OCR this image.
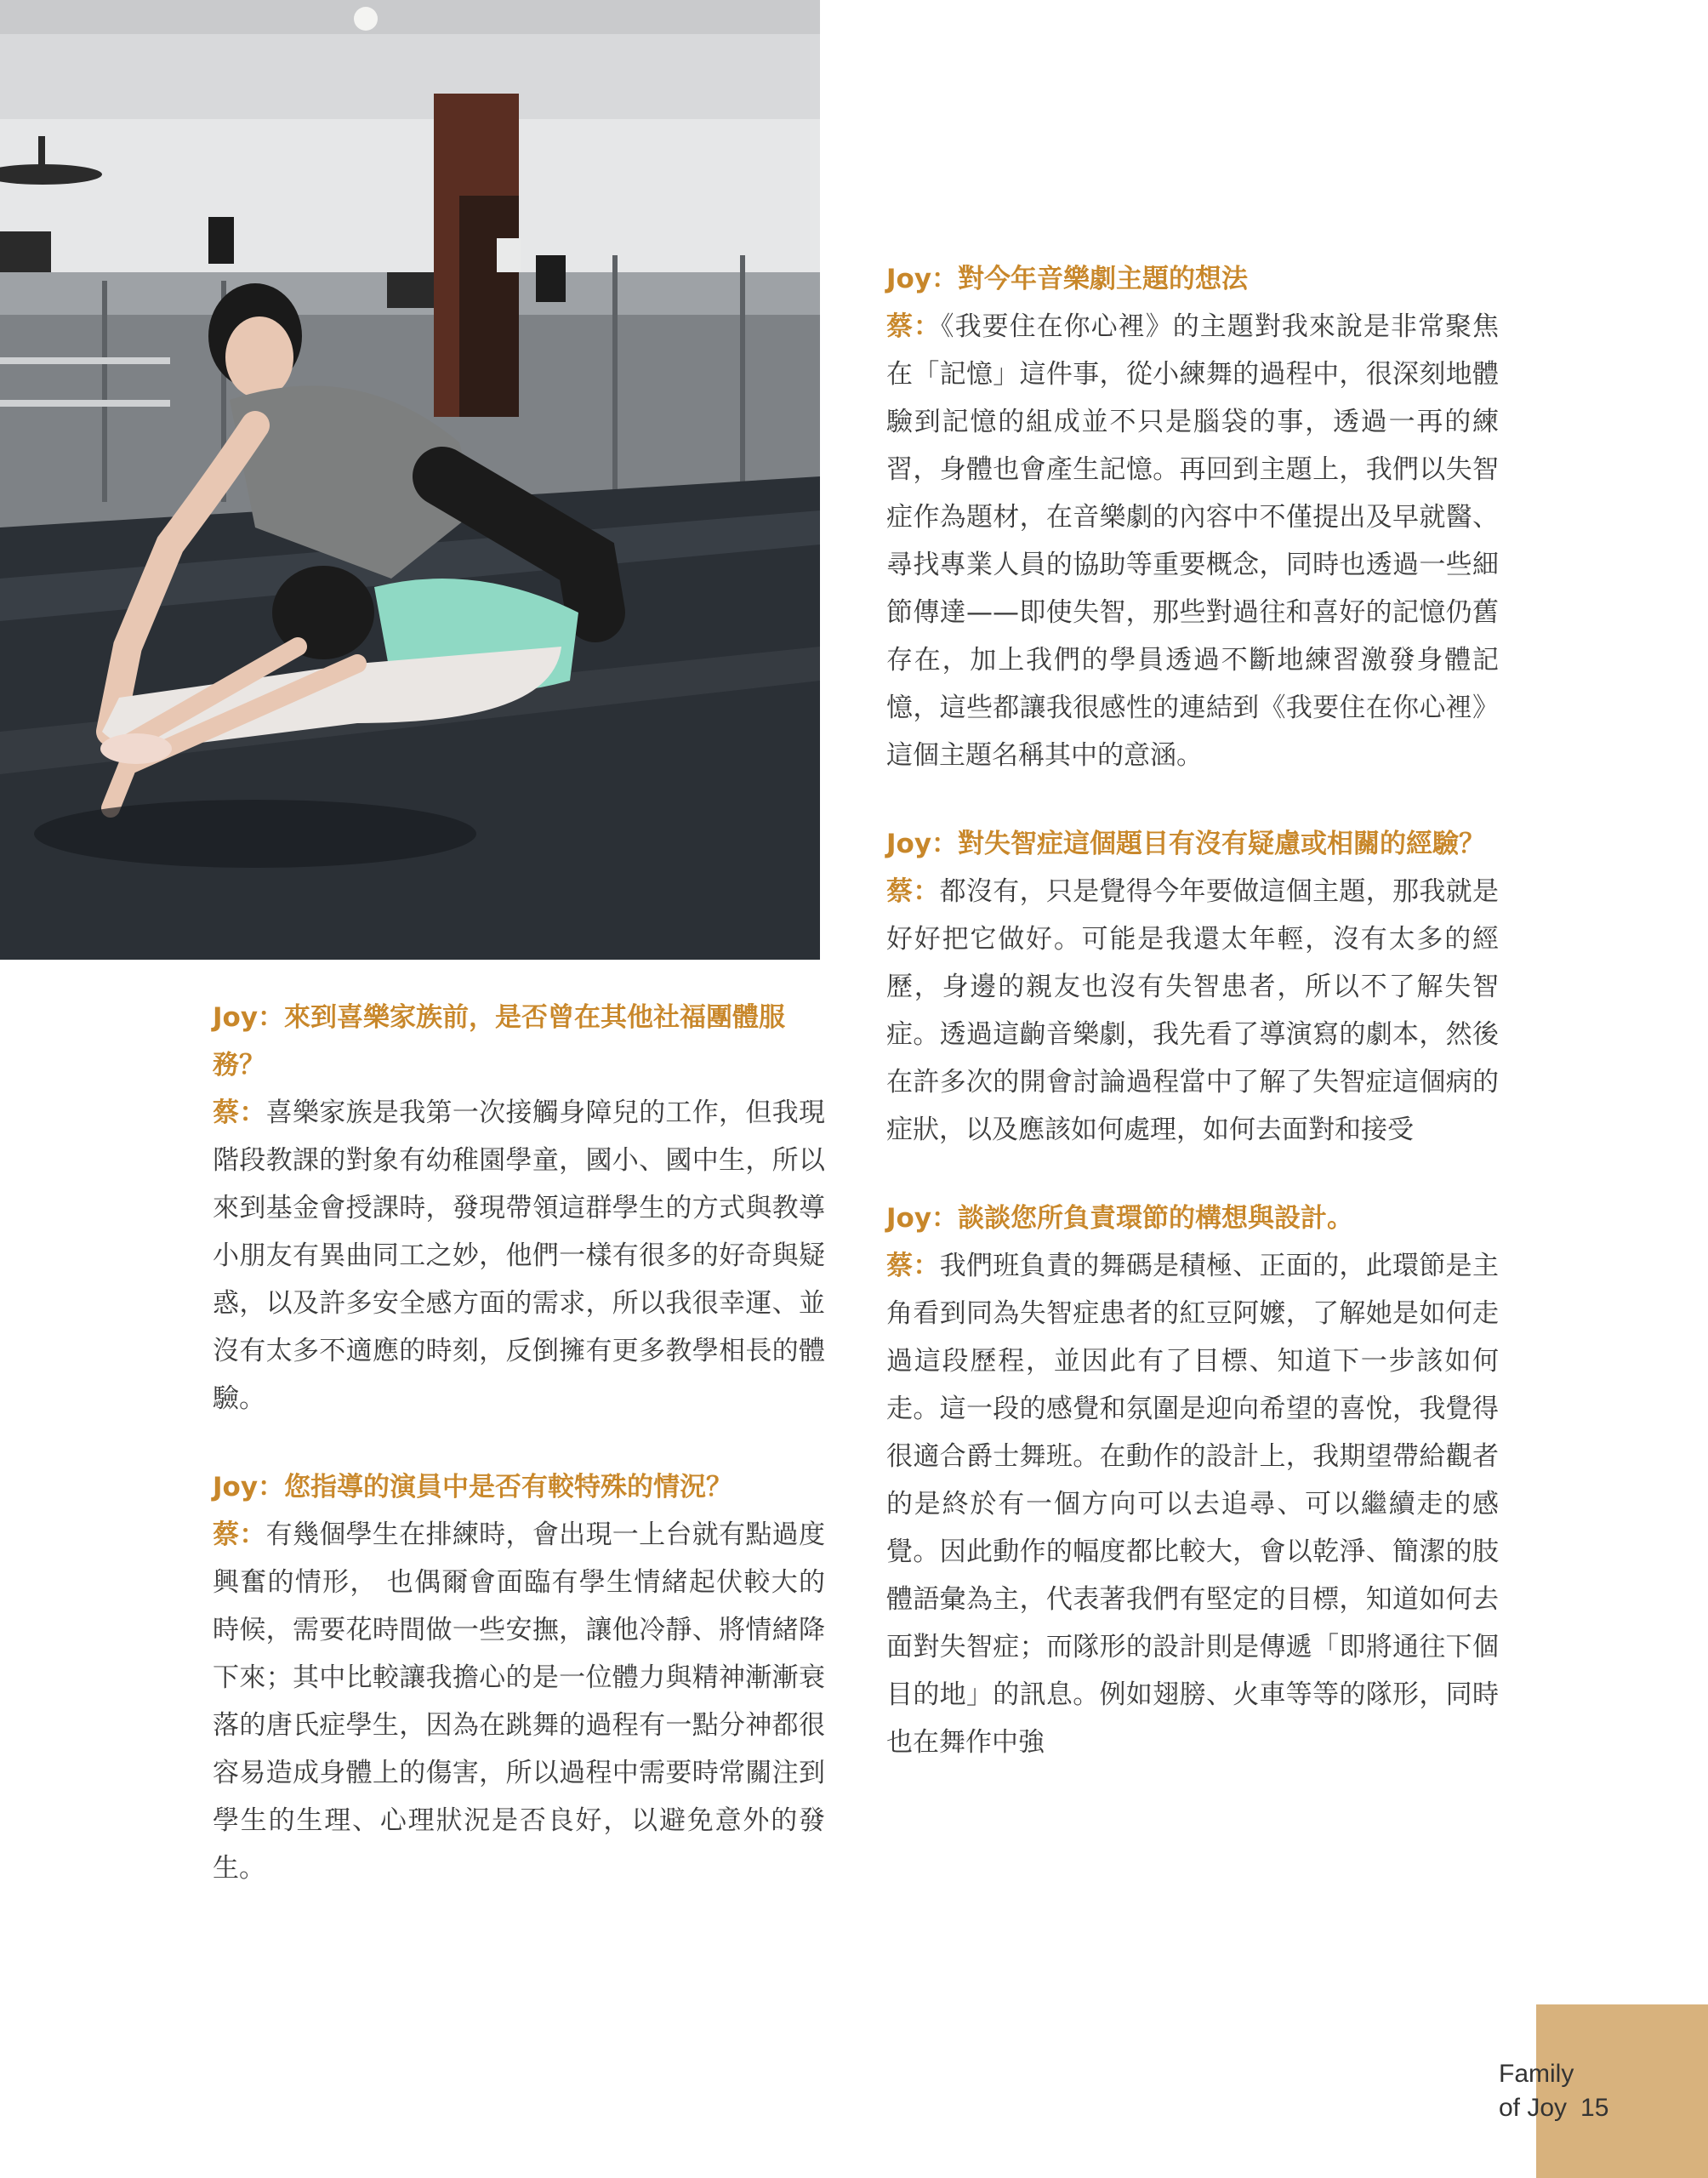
Joy：來到喜樂家族前，是否曾在其他社福團體服務？

蔡：喜樂家族是我第一次接觸身障兒的工作，但我現階段教課的對象有幼稚園學童，國小、國中生，所以來到基金會授課時，發現帶領這群學生的方式與教導小朋友有異曲同工之妙，他們一樣有很多的好奇與疑惑，以及許多安全感方面的需求，所以我很幸運、並沒有太多不適應的時刻，反倒擁有更多教學相長的體驗。

Joy：您指導的演員中是否有較特殊的情況？

蔡：有幾個學生在排練時，會出現一上台就有點過度興奮的情形， 也偶爾會面臨有學生情緒起伏較大的時候，需要花時間做一些安撫，讓他冷靜、將情緒降下來；其中比較讓我擔心的是一位體力與精神漸漸衰落的唐氏症學生，因為在跳舞的過程有一點分神都很容易造成身體上的傷害，所以過程中需要時常關注到學生的生理、心理狀況是否良好，以避免意外的發生。

Joy：對今年音樂劇主題的想法

蔡：《我要住在你心裡》的主題對我來說是非常聚焦在「記憶」這件事，從小練舞的過程中，很深刻地體驗到記憶的組成並不只是腦袋的事，透過一再的練習，身體也會產生記憶。再回到主題上，我們以失智症作為題材，在音樂劇的內容中不僅提出及早就醫、尋找專業人員的協助等重要概念，同時也透過一些細節傳達——即使失智，那些對過往和喜好的記憶仍舊存在，加上我們的學員透過不斷地練習激發身體記憶，這些都讓我很感性的連結到《我要住在你心裡》這個主題名稱其中的意涵。

Joy：對失智症這個題目有沒有疑慮或相關的經驗？

蔡：都沒有，只是覺得今年要做這個主題，那我就是好好把它做好。可能是我還太年輕，沒有太多的經歷，身邊的親友也沒有失智患者，所以不了解失智症。透過這齣音樂劇，我先看了導演寫的劇本，然後在許多次的開會討論過程當中了解了失智症這個病的症狀，以及應該如何處理，如何去面對和接受

Joy：談談您所負責環節的構想與設計。

蔡：我們班負責的舞碼是積極、正面的，此環節是主角看到同為失智症患者的紅豆阿嬤，了解她是如何走過這段歷程，並因此有了目標、知道下一步該如何走。這一段的感覺和氛圍是迎向希望的喜悅，我覺得很適合爵士舞班。在動作的設計上，我期望帶給觀者的是終於有一個方向可以去追尋、可以繼續走的感覺。因此動作的幅度都比較大，會以乾淨、簡潔的肢體語彙為主，代表著我們有堅定的目標，知道如何去面對失智症；而隊形的設計則是傳遞「即將通往下個目的地」的訊息。例如翅膀、火車等等的隊形，同時也在舞作中強

Family
of Joy 15
